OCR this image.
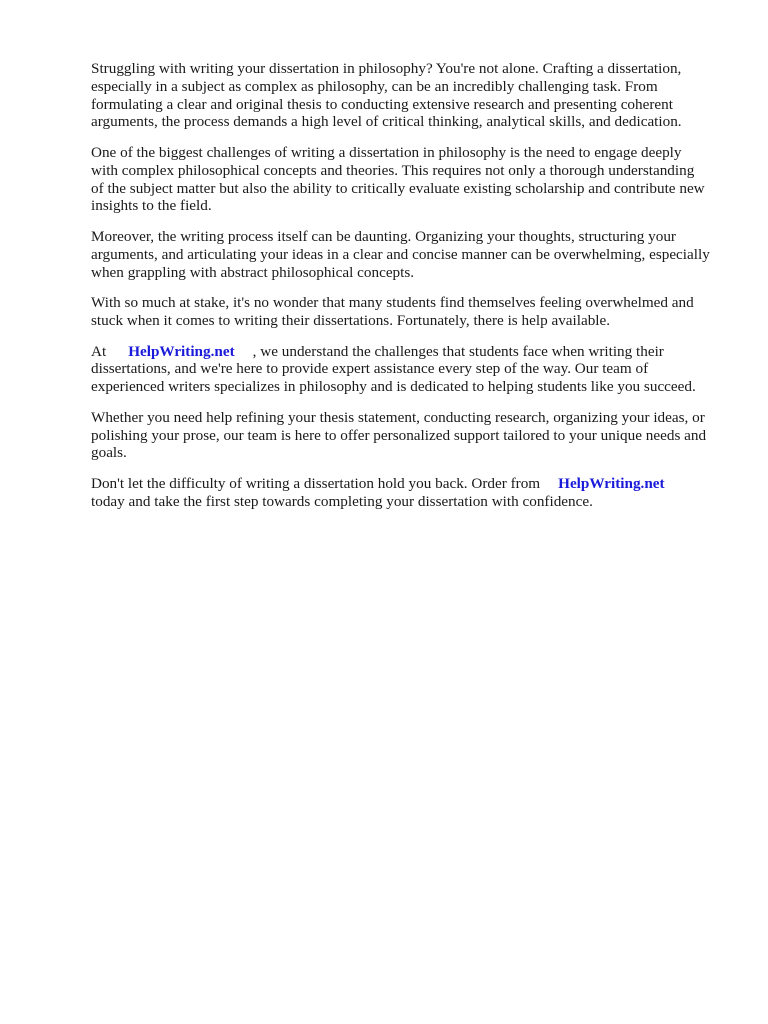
Struggling with writing your dissertation in philosophy? You're not alone. Crafting a dissertation,
especially in a subject as complex as philosophy, can be an incredibly challenging task. From
formulating a clear and original thesis to conducting extensive research and presenting coherent
arguments, the process demands a high level of critical thinking, analytical skills, and dedication.

One of the biggest challenges of writing a dissertation in philosophy is the need to engage deeply
with complex philosophical concepts and theories. This requires not only a thorough understanding
of the subject matter but also the ability to critically evaluate existing scholarship and contribute new
insights to the field.

Moreover, the writing process itself can be daunting. Organizing your thoughts, structuring your
arguments, and articulating your ideas in a clear and concise manner can be overwhelming, especially
when grappling with abstract philosophical concepts.

With so much at stake, it's no wonder that many students find themselves feeling overwhelmed and
stuck when it comes to writing their dissertations. Fortunately, there is help available.

At HelpWriting.net , we understand the challenges that students face when writing their
dissertations, and we're here to provide expert assistance every step of the way. Our team of
experienced writers specializes in philosophy and is dedicated to helping students like you succeed.

Whether you need help refining your thesis statement, conducting research, organizing your ideas, or
polishing your prose, our team is here to offer personalized support tailored to your unique needs and
goals.

Don't let the difficulty of writing a dissertation hold you back. Order from HelpWriting.net
today and take the first step towards completing your dissertation with confidence.
